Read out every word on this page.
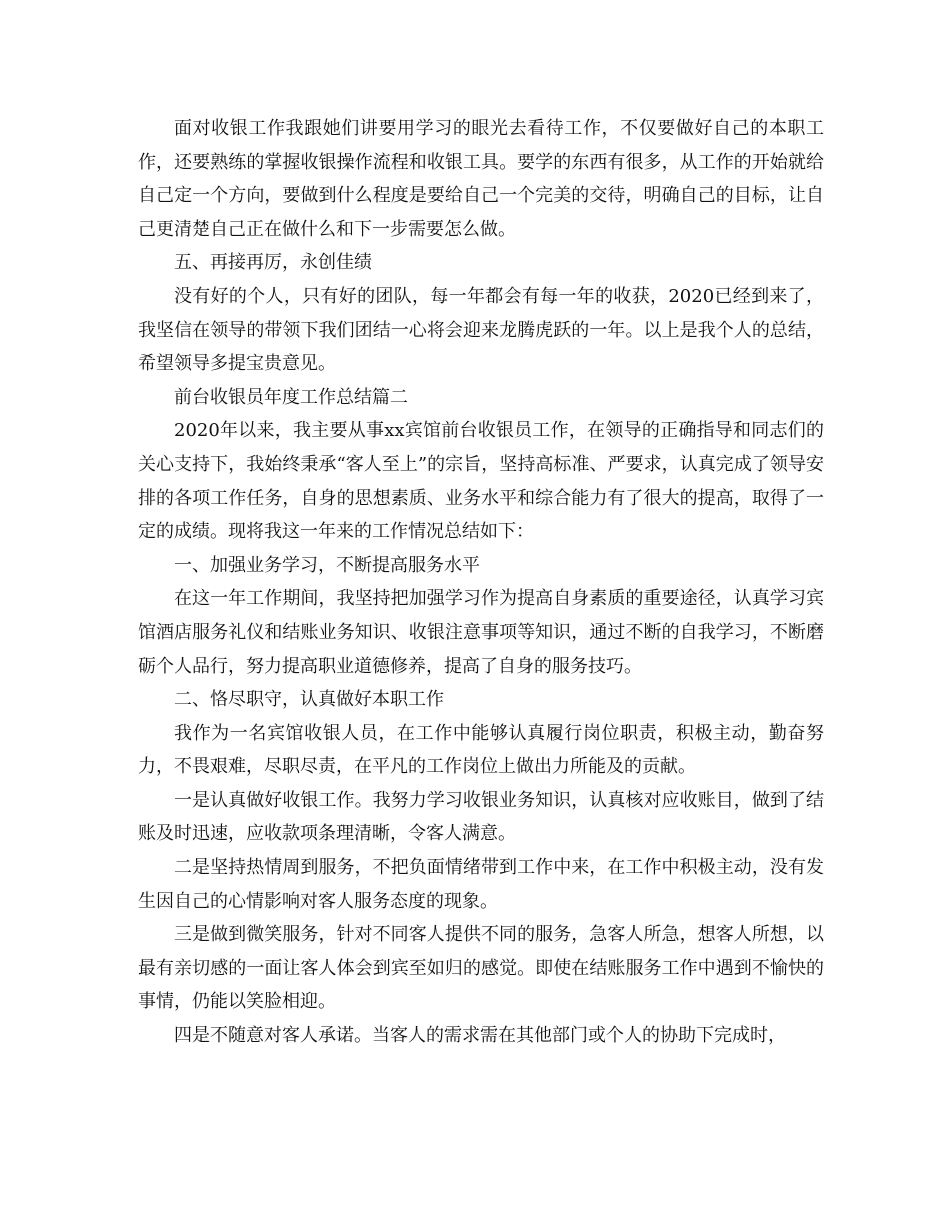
面对收银工作我跟她们讲要用学习的眼光去看待工作，不仅要做好自己的本职工作，还要熟练的掌握收银操作流程和收银工具。要学的东西有很多，从工作的开始就给自己定一个方向，要做到什么程度是要给自己一个完美的交待，明确自己的目标，让自己更清楚自己正在做什么和下一步需要怎么做。

五、再接再厉，永创佳绩

没有好的个人，只有好的团队，每一年都会有每一年的收获，2020已经到来了，我坚信在领导的带领下我们团结一心将会迎来龙腾虎跃的一年。以上是我个人的总结，希望领导多提宝贵意见。

前台收银员年度工作总结篇二

2020年以来，我主要从事xx宾馆前台收银员工作，在领导的正确指导和同志们的关心支持下，我始终秉承“客人至上”的宗旨，坚持高标准、严要求，认真完成了领导安排的各项工作任务，自身的思想素质、业务水平和综合能力有了很大的提高，取得了一定的成绩。现将我这一年来的工作情况总结如下：

一、加强业务学习，不断提高服务水平

在这一年工作期间，我坚持把加强学习作为提高自身素质的重要途径，认真学习宾馆酒店服务礼仪和结账业务知识、收银注意事项等知识，通过不断的自我学习，不断磨砺个人品行，努力提高职业道德修养，提高了自身的服务技巧。

二、恪尽职守，认真做好本职工作

我作为一名宾馆收银人员，在工作中能够认真履行岗位职责，积极主动，勤奋努力，不畏艰难，尽职尽责，在平凡的工作岗位上做出力所能及的贡献。

一是认真做好收银工作。我努力学习收银业务知识，认真核对应收账目，做到了结账及时迅速，应收款项条理清晰，令客人满意。

二是坚持热情周到服务，不把负面情绪带到工作中来，在工作中积极主动，没有发生因自己的心情影响对客人服务态度的现象。

三是做到微笑服务，针对不同客人提供不同的服务，急客人所急，想客人所想，以最有亲切感的一面让客人体会到宾至如归的感觉。即使在结账服务工作中遇到不愉快的事情，仍能以笑脸相迎。

四是不随意对客人承诺。当客人的需求需在其他部门或个人的协助下完成时，
